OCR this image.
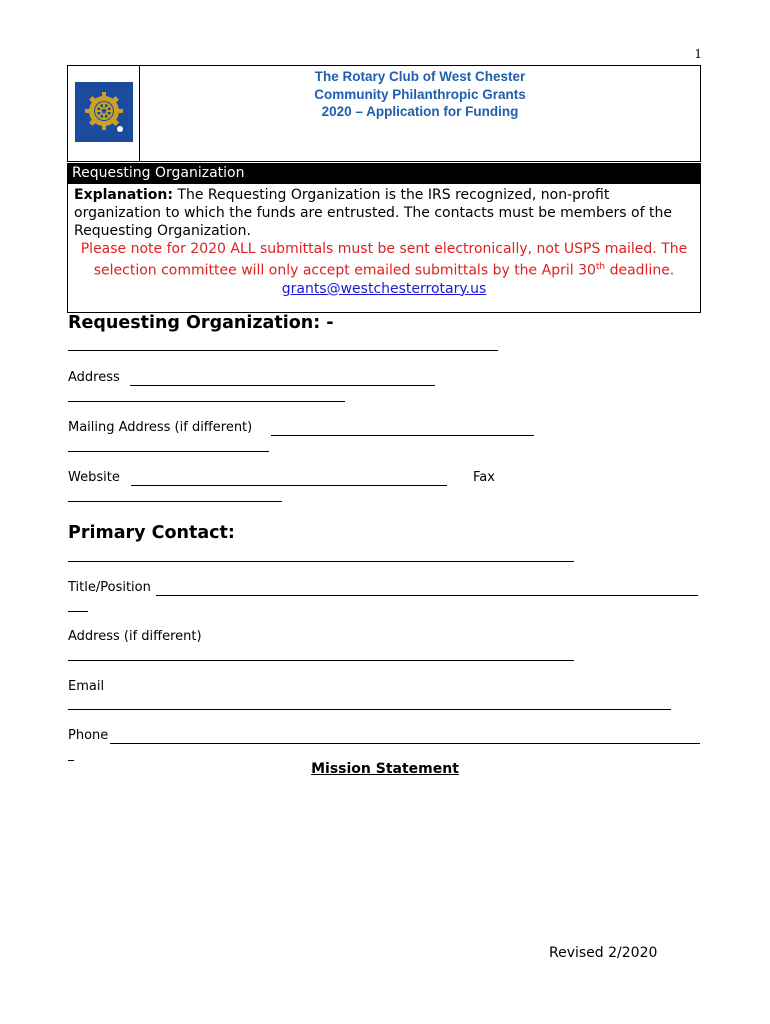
1
The Rotary Club of West Chester
Community Philanthropic Grants
2020 – Application for Funding
Requesting Organization
Explanation: The Requesting Organization is the IRS recognized, non-profit organization to which the funds are entrusted. The contacts must be members of the Requesting Organization.
Please note for 2020 ALL submittals must be sent electronically, not USPS mailed. The selection committee will only accept emailed submittals by the April 30th deadline.
grants@westchesterrotary.us
Requesting Organization: -
Address
Mailing Address (if different)
Website	Fax
Primary Contact:
Title/Position
Address (if different)
Email
Phone
Mission Statement
Revised 2/2020
